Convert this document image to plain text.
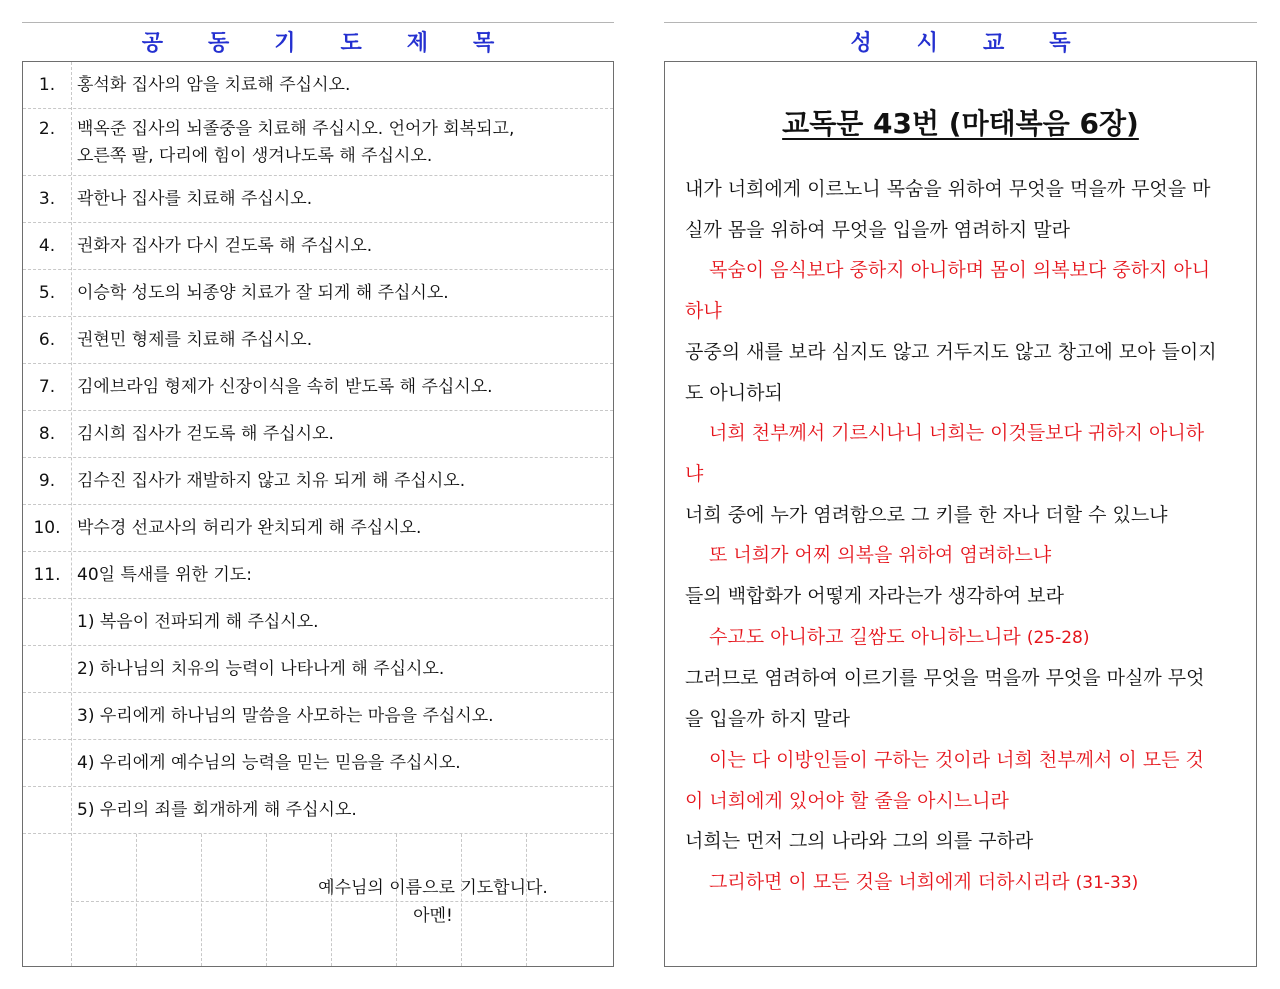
공 동 기 도 제 목	성 시 교 독
1.	홍석화 집사의 암을 치료해 주십시오.
2.	백옥준 집사의 뇌졸중을 치료해 주십시오. 언어가 회복되고,
오른쪽 팔, 다리에 힘이 생겨나도록 해 주십시오.
3.	곽한나 집사를 치료해 주십시오.
4.	권화자 집사가 다시 걷도록 해 주십시오.
5.	이승학 성도의 뇌종양 치료가 잘 되게 해 주십시오.
6.	권현민 형제를 치료해 주십시오.
7.	김에브라임 형제가 신장이식을 속히 받도록 해 주십시오.
8.	김시희 집사가 걷도록 해 주십시오.
9.	김수진 집사가 재발하지 않고 치유 되게 해 주십시오.
10. 박수경 선교사의 허리가 완치되게 해 주십시오.
11. 40일 특새를 위한 기도:
1) 복음이 전파되게 해 주십시오.
2) 하나님의 치유의 능력이 나타나게 해 주십시오.
3) 우리에게 하나님의 말씀을 사모하는 마음을 주십시오.
4) 우리에게 예수님의 능력을 믿는 믿음을 주십시오.
5) 우리의 죄를 회개하게 해 주십시오.
예수님의 이름으로 기도합니다.
아멘!
교독문 43번 (마태복음 6장)
내가 너희에게 이르노니 목숨을 위하여 무엇을 먹을까 무엇을 마
실까 몸을 위하여 무엇을 입을까 염려하지 말라
목숨이 음식보다 중하지 아니하며 몸이 의복보다 중하지 아니
하냐
공중의 새를 보라 심지도 않고 거두지도 않고 창고에 모아 들이지
도 아니하되
너희 천부께서 기르시나니 너희는 이것들보다 귀하지 아니하
냐
너희 중에 누가 염려함으로 그 키를 한 자나 더할 수 있느냐
또 너희가 어찌 의복을 위하여 염려하느냐
들의 백합화가 어떻게 자라는가 생각하여 보라
수고도 아니하고 길쌈도 아니하느니라 (25-28)
그러므로 염려하여 이르기를 무엇을 먹을까 무엇을 마실까 무엇
을 입을까 하지 말라
이는 다 이방인들이 구하는 것이라 너희 천부께서 이 모든 것
이 너희에게 있어야 할 줄을 아시느니라
너희는 먼저 그의 나라와 그의 의를 구하라
그리하면 이 모든 것을 너희에게 더하시리라 (31-33)
